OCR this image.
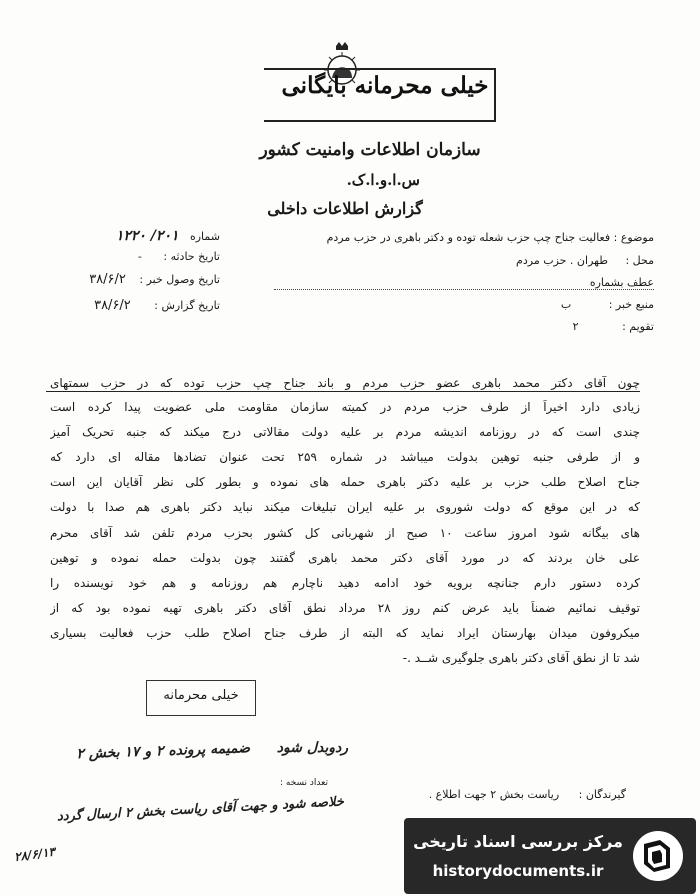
خیلی محرمانه بایگانی
سازمان اطلاعات وامنیت کشور
س.ا.و.ا.ک.
گزارش اطلاعات داخلی
موضوع : فعالیت جناح چپ حزب شعله توده و دکتر باهری در حزب مردم
محل : طهران . حزب مردم
عطف بشماره
منبع خبر : ب
تقویم : ۲
شماره ۲۰۱/ ۱۲۲۰
تاریخ حادثه : -
تاریخ وصول خبر : ۳۸/۶/۲
تاریخ گزارش : ۳۸/۶/۲
چون آقای دکتر محمد باهری عضو حزب مردم و باند جناح چپ حزب توده که در حزب سمتهای
زیادی دارد اخیراً از طرف حزب مردم در کمیته سازمان مقاومت ملی عضویت پیدا کرده است
چندی است که در روزنامه اندیشه مردم بر علیه دولت مقالاتی درج میکند که جنبه تحریک آمیز
و از طرفی جنبه توهین بدولت میباشد در شماره ۲۵۹ تحت عنوان تضادها مقاله ای دارد که
جناح اصلاح طلب حزب بر علیه دکتر باهری حمله های نموده و بطور کلی نظر آقایان این است
که در این موقع که دولت شوروی بر علیه ایران تبلیغات میکند نباید دکتر باهری هم صدا با دولت
های بیگانه شود امروز ساعت ۱۰ صبح از شهربانی کل کشور بحزب مردم تلفن شد آقای محرم
علی خان بردند که در مورد آقای دکتر محمد باهری گفتند چون بدولت حمله نموده و توهین
کرده دستور دارم جنانچه برویه خود ادامه دهید ناچارم هم روزنامه و هم خود نویسنده را
توقیف نمائیم ضمناً باید عرض کنم روز ۲۸ مرداد نطق آقای دکتر باهری تهیه نموده بود که از
میکروفون میدان بهارستان ایراد نماید که البته از طرف جناح اصلاح طلب حزب فعالیت بسیاری
شد تا از نطق آقای دکتر باهری جلوگیری شــد .-
خیلی محرمانه
ردوبدل شود
ضمیمه پرونده ۲ و ۱۷ بخش ۲
خلاصه شود و جهت آقای ریاست بخش ۲ ارسال گردد
۲۸/۶/۱۳
گیرندگان : ریاست بخش ۲ جهت اطلاع .
تعداد نسخه :
مرکز بررسی اسناد تاریخی
historydocuments.ir
